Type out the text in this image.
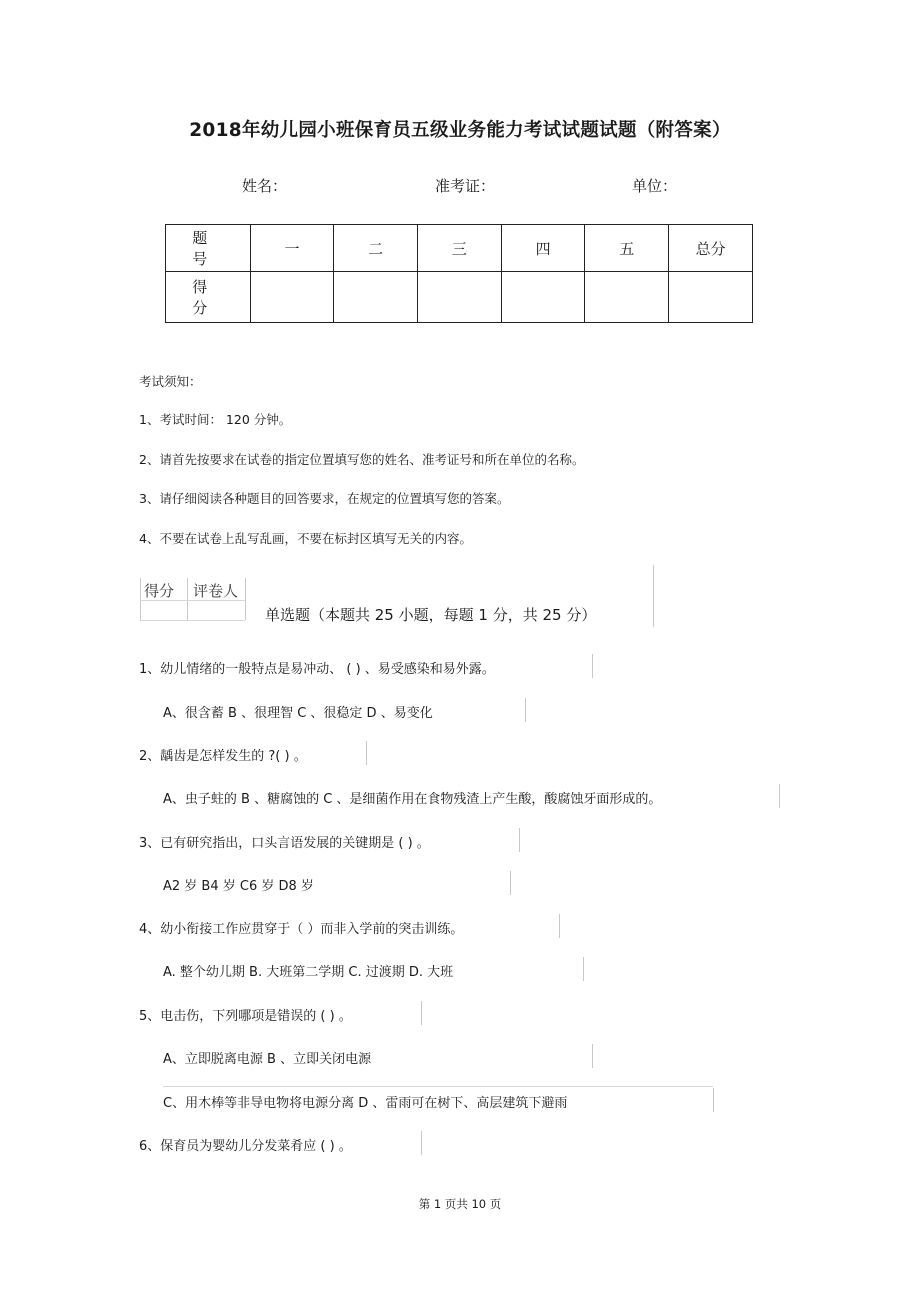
2018年幼儿园小班保育员五级业务能力考试试题试题（附答案）
姓名：	准考证：	单位：
题　号	一	二	三	四	五	总分
得　分						
考试须知：
1、考试时间： 120 分钟。
2、请首先按要求在试卷的指定位置填写您的姓名、准考证号和所在单位的名称。
3、请仔细阅读各种题目的回答要求，在规定的位置填写您的答案。
4、不要在试卷上乱写乱画，不要在标封区填写无关的内容。
得分 评卷人
单选题（本题共 25 小题，每题 1 分，共 25 分）
1、幼儿情绪的一般特点是易冲动、 ( ) 、易受感染和易外露。
A、很含蓄 B 、很理智 C 、很稳定 D 、易变化
2、龋齿是怎样发生的 ?( ) 。
A、虫子蛀的 B 、糖腐蚀的 C 、是细菌作用在食物残渣上产生酸，酸腐蚀牙面形成的。
3、已有研究指出，口头言语发展的关键期是 ( ) 。
A2 岁 B4 岁 C6 岁 D8 岁
4、幼小衔接工作应贯穿于（ ）而非入学前的突击训练。
A. 整个幼儿期 B. 大班第二学期 C. 过渡期 D. 大班
5、电击伤，下列哪项是错误的 ( ) 。
A、立即脱离电源 B 、立即关闭电源
C、用木棒等非导电物将电源分离 D 、雷雨可在树下、高层建筑下避雨
6、保育员为婴幼儿分发菜肴应 ( ) 。
第 1 页共 10 页
